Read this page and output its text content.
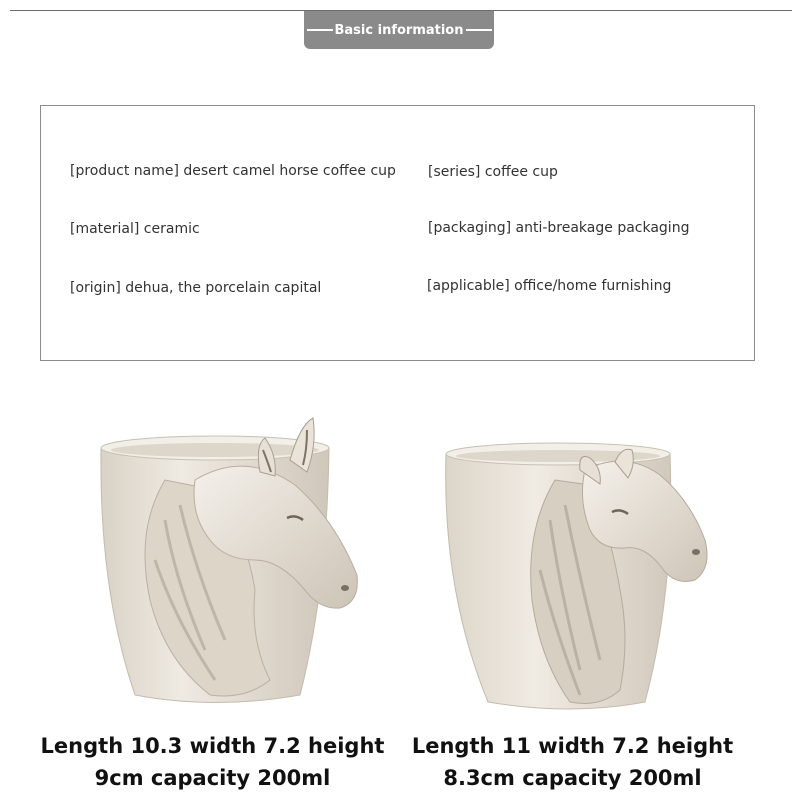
Basic information
[product name] desert camel horse coffee cup [series] coffee cup
[material] ceramic	[packaging] anti-breakage packaging
[origin] dehua, the porcelain capital	[applicable] office/home furnishing
Length 10.3 width 7.2 height
9cm capacity 200ml
Length 11 width 7.2 height
8.3cm capacity 200ml
